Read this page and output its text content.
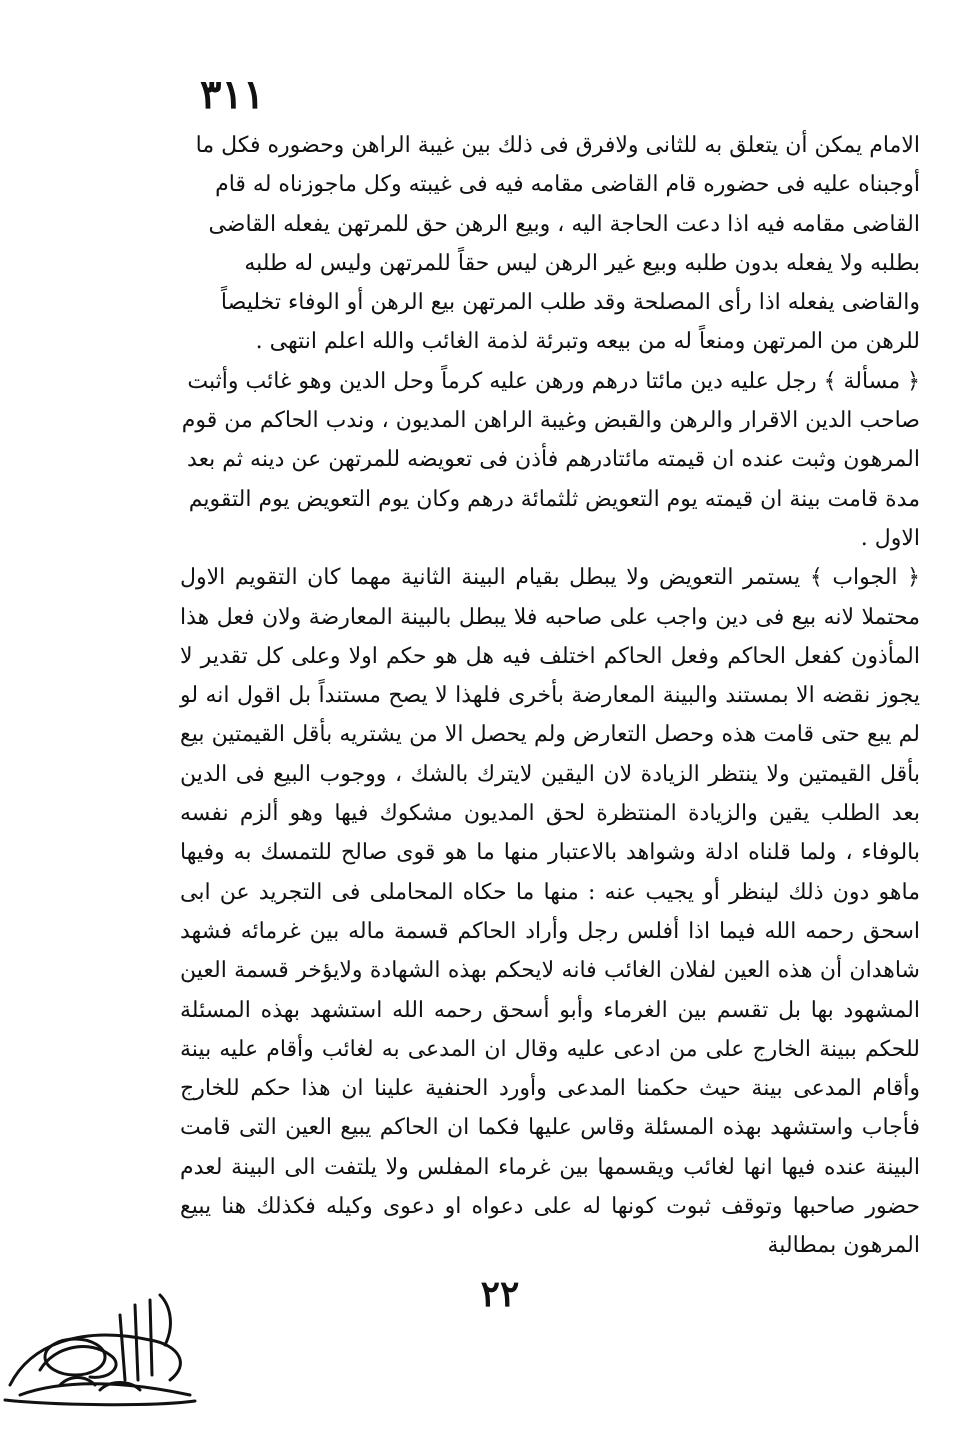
٣١١

الامام يمكن أن يتعلق به للثانى ولافرق فى ذلك بين غيبة الراهن وحضوره فكل ما أوجبناه عليه فى حضوره قام القاضى مقامه فيه فى غيبته وكل ماجوزناه له قام القاضى مقامه فيه اذا دعت الحاجة اليه ، وبيع الرهن حق للمرتهن يفعله القاضى بطلبه ولا يفعله بدون طلبه وبيع غير الرهن ليس حقاً للمرتهن وليس له طلبه والقاضى يفعله اذا رأى المصلحة وقد طلب المرتهن بيع الرهن أو الوفاء تخليصاً للرهن من المرتهن ومنعاً له من بيعه وتبرئة لذمة الغائب والله اعلم انتهى .

﴿ مسألة ﴾ رجل عليه دين مائتا درهم ورهن عليه كرماً وحل الدين وهو غائب وأثبت صاحب الدين الاقرار والرهن والقبض وغيبة الراهن المديون ، وندب الحاكم من قوم المرهون وثبت عنده ان قيمته مائتادرهم فأذن فى تعويضه للمرتهن عن دينه ثم بعد مدة قامت بينة ان قيمته يوم التعويض ثلثمائة درهم وكان يوم التعويض يوم التقويم الاول .

﴿ الجواب ﴾ يستمر التعويض ولا يبطل بقيام البينة الثانية مهما كان التقويم الاول محتملا لانه بيع فى دين واجب على صاحبه فلا يبطل بالبينة المعارضة ولان فعل هذا المأذون كفعل الحاكم وفعل الحاكم اختلف فيه هل هو حكم اولا وعلى كل تقدير لا يجوز نقضه الا بمستند والبينة المعارضة بأخرى فلهذا لا يصح مستنداً بل اقول انه لو لم يبع حتى قامت هذه وحصل التعارض ولم يحصل الا من يشتريه بأقل القيمتين بيع بأقل القيمتين ولا ينتظر الزيادة لان اليقين لايترك بالشك ، ووجوب البيع فى الدين بعد الطلب يقين والزيادة المنتظرة لحق المديون مشكوك فيها وهو ألزم نفسه بالوفاء ، ولما قلناه ادلة وشواهد بالاعتبار منها ما هو قوى صالح للتمسك به وفيها ماهو دون ذلك لينظر أو يجيب عنه : منها ما حكاه المحاملى فى التجريد عن ابى اسحق رحمه الله فيما اذا أفلس رجل وأراد الحاكم قسمة ماله بين غرمائه فشهد شاهدان أن هذه العين لفلان الغائب فانه لايحكم بهذه الشهادة ولايؤخر قسمة العين المشهود بها بل تقسم بين الغرماء وأبو أسحق رحمه الله استشهد بهذه المسئلة للحكم ببينة الخارج على من ادعى عليه وقال ان المدعى به لغائب وأقام عليه بينة وأقام المدعى بينة حيث حكمنا المدعى وأورد الحنفية علينا ان هذا حكم للخارج فأجاب واستشهد بهذه المسئلة وقاس عليها فكما ان الحاكم يبيع العين التى قامت البينة عنده فيها انها لغائب ويقسمها بين غرماء المفلس ولا يلتفت الى البينة لعدم حضور صاحبها وتوقف ثبوت كونها له على دعواه او دعوى وكيله فكذلك هنا يبيع المرهون بمطالبة

٢٢
